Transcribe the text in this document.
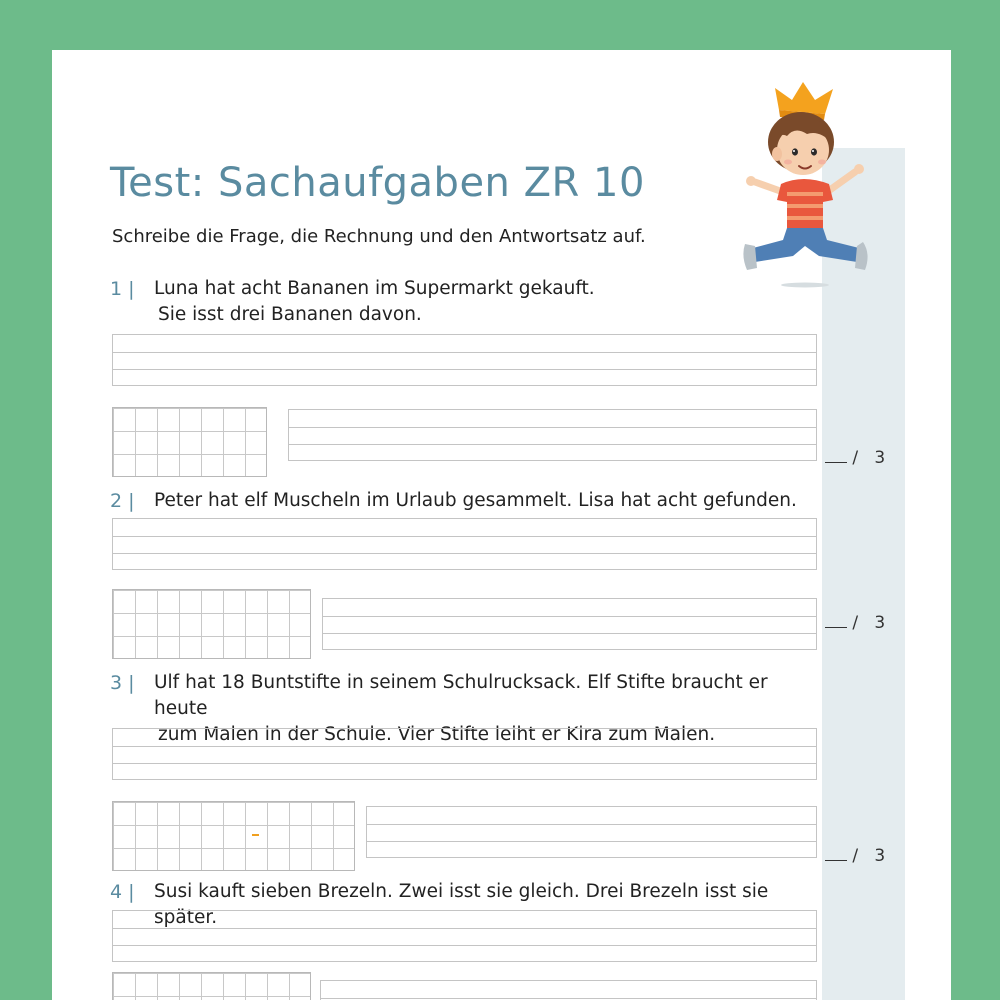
Test: Sachaufgaben ZR 10

Schreibe die Frage, die Rechnung und den Antwortsatz auf.

1 | Luna hat acht Bananen im Supermarkt gekauft.
Sie isst drei Bananen davon.

/   3
2 | Peter hat elf Muscheln im Urlaub gesammelt. Lisa hat acht gefunden.

/   3
3 | Ulf hat 18 Buntstifte in seinem Schulrucksack. Elf Stifte braucht er heute

/   3
4 | Susi kauft sieben Brezeln. Zwei isst sie gleich. Drei Brezeln isst sie
